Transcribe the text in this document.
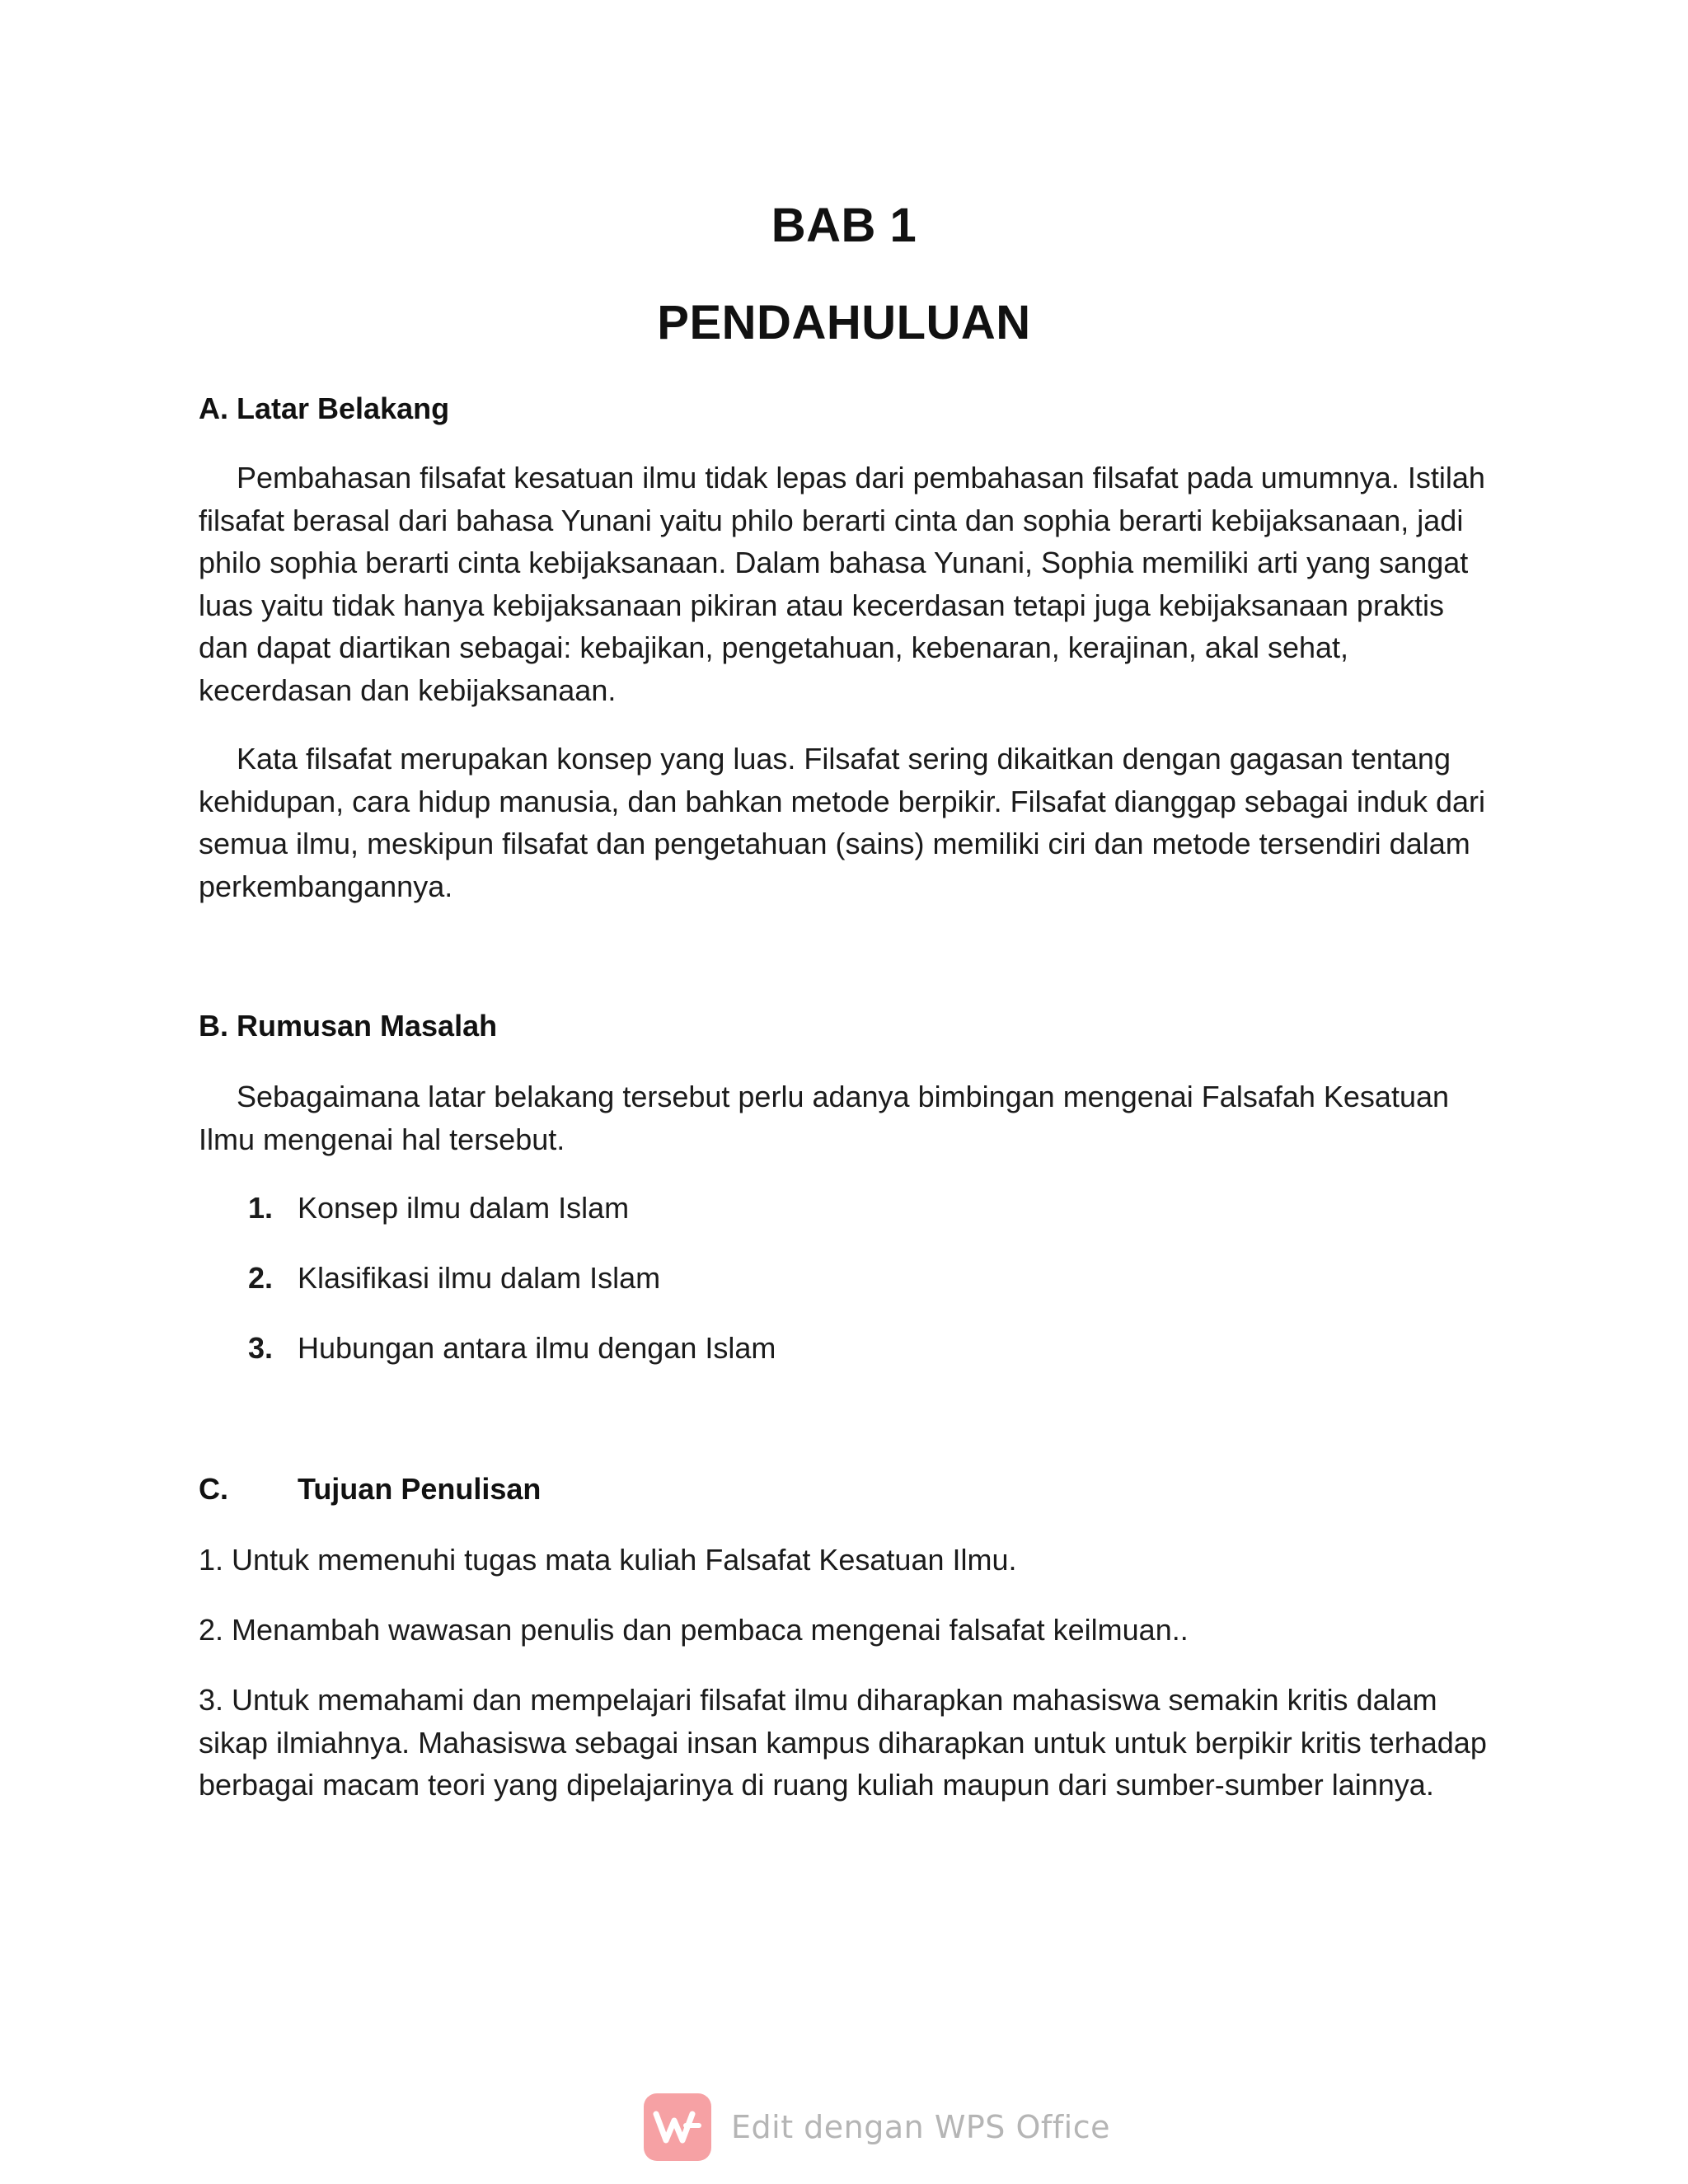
BAB 1
PENDAHULUAN
A. Latar Belakang
Pembahasan filsafat kesatuan ilmu tidak lepas dari pembahasan filsafat pada umumnya. Istilah filsafat berasal dari bahasa Yunani yaitu philo berarti cinta dan sophia berarti kebijaksanaan, jadi philo sophia berarti cinta kebijaksanaan. Dalam bahasa Yunani, Sophia memiliki arti yang sangat luas yaitu tidak hanya kebijaksanaan pikiran atau kecerdasan tetapi juga kebijaksanaan praktis dan dapat diartikan sebagai: kebajikan, pengetahuan, kebenaran, kerajinan, akal sehat, kecerdasan dan kebijaksanaan.
Kata filsafat merupakan konsep yang luas. Filsafat sering dikaitkan dengan gagasan tentang kehidupan, cara hidup manusia, dan bahkan metode berpikir. Filsafat dianggap sebagai induk dari semua ilmu, meskipun filsafat dan pengetahuan (sains) memiliki ciri dan metode tersendiri dalam perkembangannya.
B. Rumusan Masalah
Sebagaimana latar belakang tersebut perlu adanya bimbingan mengenai Falsafah Kesatuan Ilmu mengenai hal tersebut.
1. Konsep ilmu dalam Islam
2. Klasifikasi ilmu dalam Islam
3. Hubungan antara ilmu dengan Islam
C. Tujuan Penulisan
1. Untuk memenuhi tugas mata kuliah Falsafat Kesatuan Ilmu.
2. Menambah wawasan penulis dan pembaca mengenai falsafat keilmuan..
3. Untuk memahami dan mempelajari filsafat ilmu diharapkan mahasiswa semakin kritis dalam sikap ilmiahnya. Mahasiswa sebagai insan kampus diharapkan untuk untuk berpikir kritis terhadap berbagai macam teori yang dipelajarinya di ruang kuliah maupun dari sumber-sumber lainnya.
Edit dengan WPS Office
